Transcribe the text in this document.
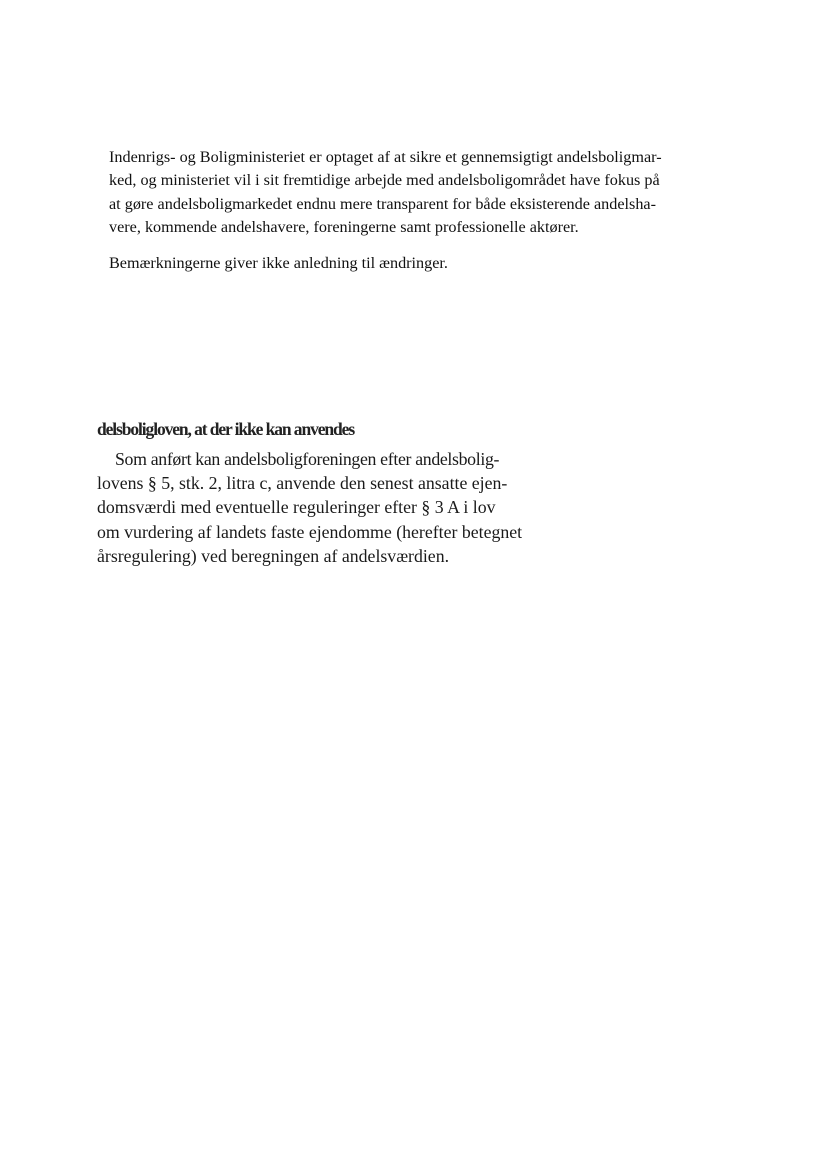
Indenrigs- og Boligministeriet er optaget af at sikre et gennemsigtigt andelsboligmar-
ked, og ministeriet vil i sit fremtidige arbejde med andelsboligområdet have fokus på
at gøre andelsboligmarkedet endnu mere transparent for både eksisterende andelsha-
vere, kommende andelshavere, foreningerne samt professionelle aktører.

Bemærkningerne giver ikke anledning til ændringer.

delsboligloven, at der ikke kan anvendes
Som anført kan andelsboligforeningen efter andelsbolig-
lovens § 5, stk. 2, litra c, anvende den senest ansatte ejen-
domsværdi med eventuelle reguleringer efter § 3 A i lov
om vurdering af landets faste ejendomme (herefter betegnet
årsregulering) ved beregningen af andelsværdien.
